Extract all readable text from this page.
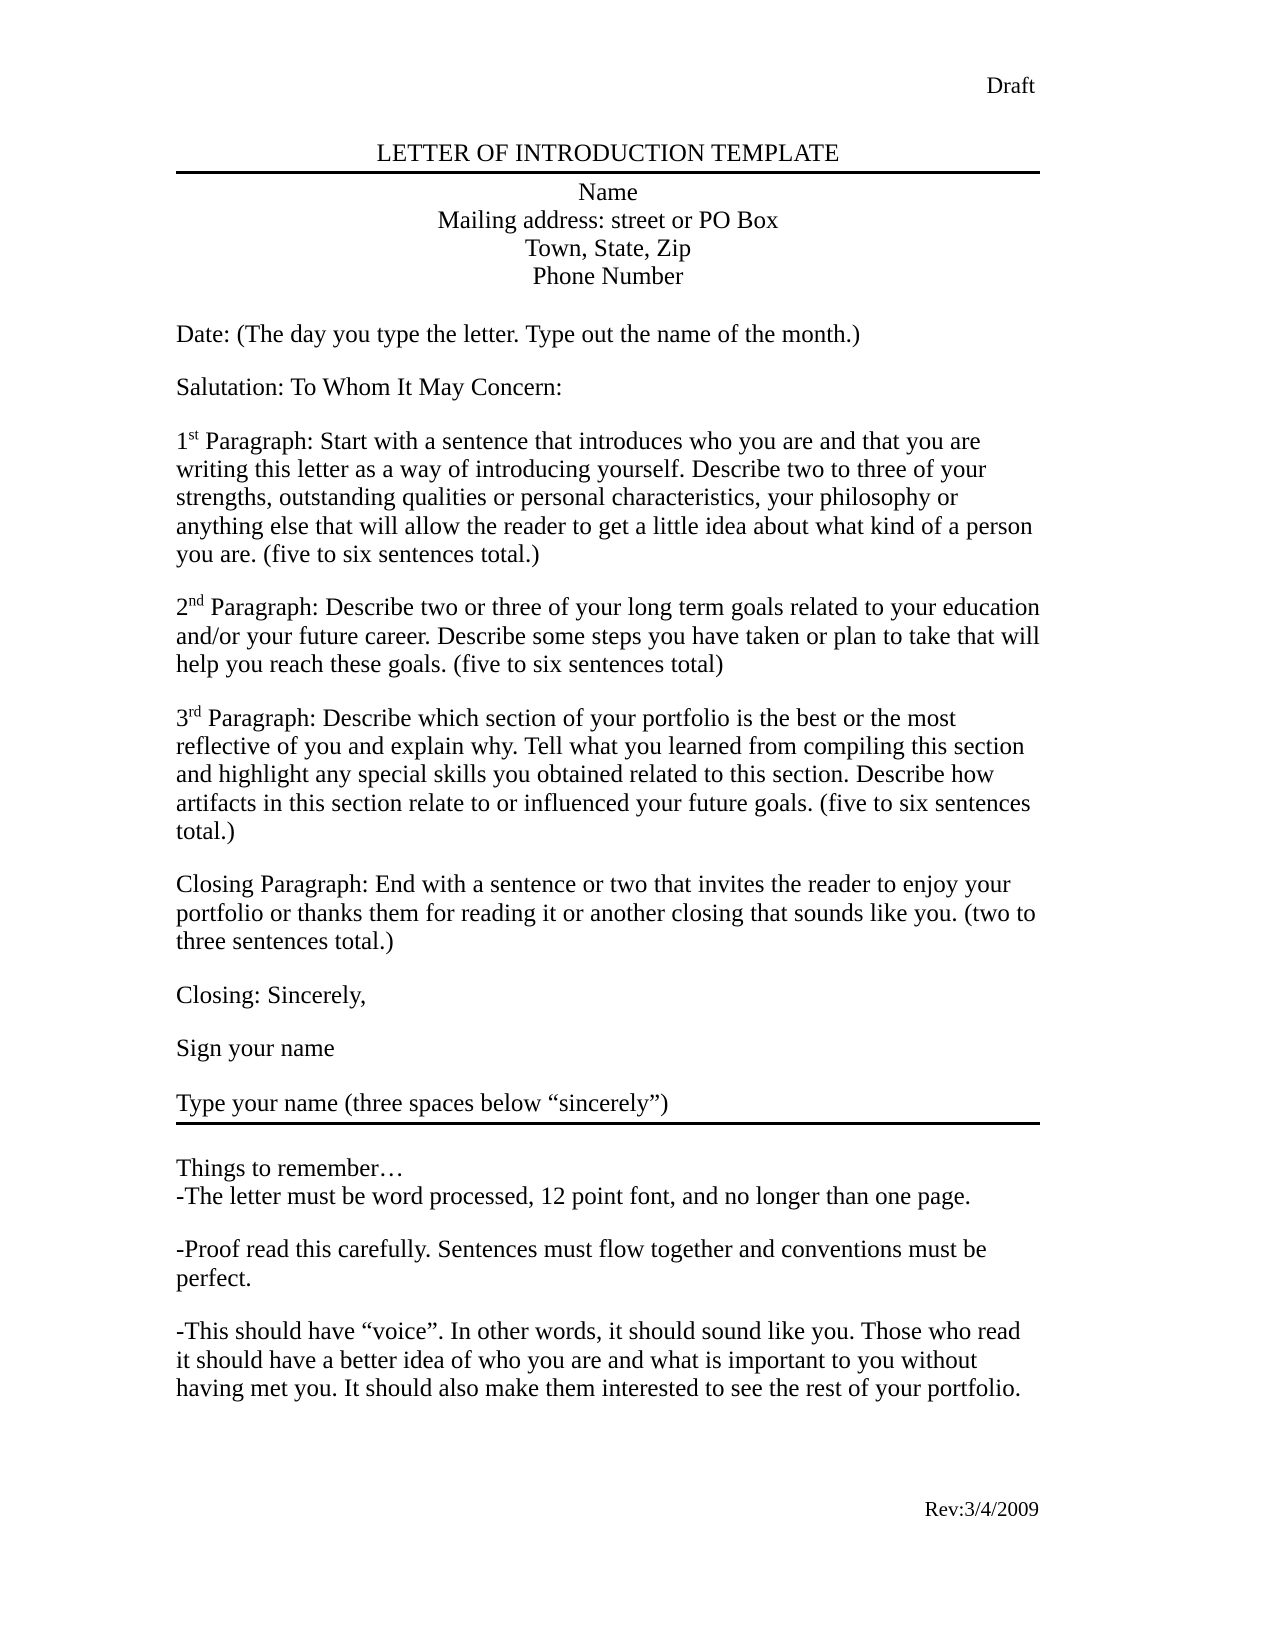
Draft
LETTER OF INTRODUCTION TEMPLATE
Name
Mailing address: street or PO Box
Town, State, Zip
Phone Number

Date: (The day you type the letter. Type out the name of the month.)

Salutation: To Whom It May Concern:

1st Paragraph: Start with a sentence that introduces who you are and that you are writing this letter as a way of introducing yourself. Describe two to three of your strengths, outstanding qualities or personal characteristics, your philosophy or anything else that will allow the reader to get a little idea about what kind of a person you are. (five to six sentences total.)

2nd Paragraph: Describe two or three of your long term goals related to your education and/or your future career. Describe some steps you have taken or plan to take that will help you reach these goals. (five to six sentences total)

3rd Paragraph: Describe which section of your portfolio is the best or the most reflective of you and explain why. Tell what you learned from compiling this section and highlight any special skills you obtained related to this section. Describe how artifacts in this section relate to or influenced your future goals. (five to six sentences total.)

Closing Paragraph: End with a sentence or two that invites the reader to enjoy your portfolio or thanks them for reading it or another closing that sounds like you. (two to three sentences total.)

Closing: Sincerely,

Sign your name

Type your name (three spaces below “sincerely”)

Things to remember…

-The letter must be word processed, 12 point font, and no longer than one page.

-Proof read this carefully. Sentences must flow together and conventions must be perfect.

-This should have “voice”. In other words, it should sound like you. Those who read it should have a better idea of who you are and what is important to you without having met you. It should also make them interested to see the rest of your portfolio.

Rev:3/4/2009
